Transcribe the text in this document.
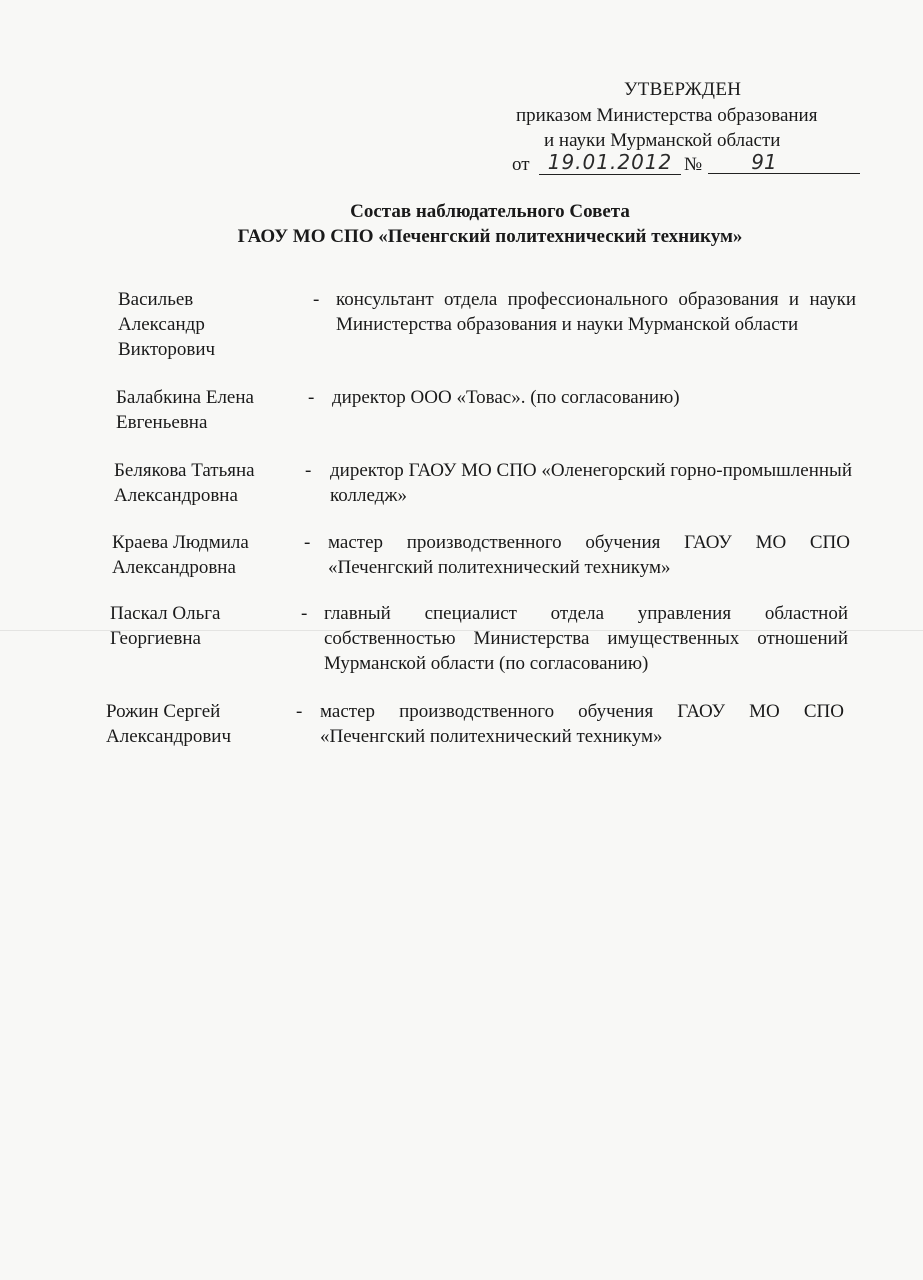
УТВЕРЖДЕН
приказом Министерства образования
и науки Мурманской области
от 19.01.2012 №	91
Состав наблюдательного Совета
ГАОУ МО СПО «Печенгский политехнический техникум»
Васильев Александр Викторович
- консультант отдела профессионального образования и науки Министерства образования и науки Мурманской области
Балабкина Елена Евгеньевна
- директор ООО «Товас». (по согласованию)
Белякова Татьяна Александровна
- директор ГАОУ МО СПО «Оленегорский горно-промышленный колледж»
Краева Людмила Александровна
- мастер производственного обучения ГАОУ МО СПО «Печенгский политехнический техникум»
Паскал Ольга Георгиевна
- главный специалист отдела управления областной собственностью Министерства имущественных отношений Мурманской области (по согласованию)
Рожин Сергей Александрович
- мастер производственного обучения ГАОУ МО СПО «Печенгский политехнический техникум»
